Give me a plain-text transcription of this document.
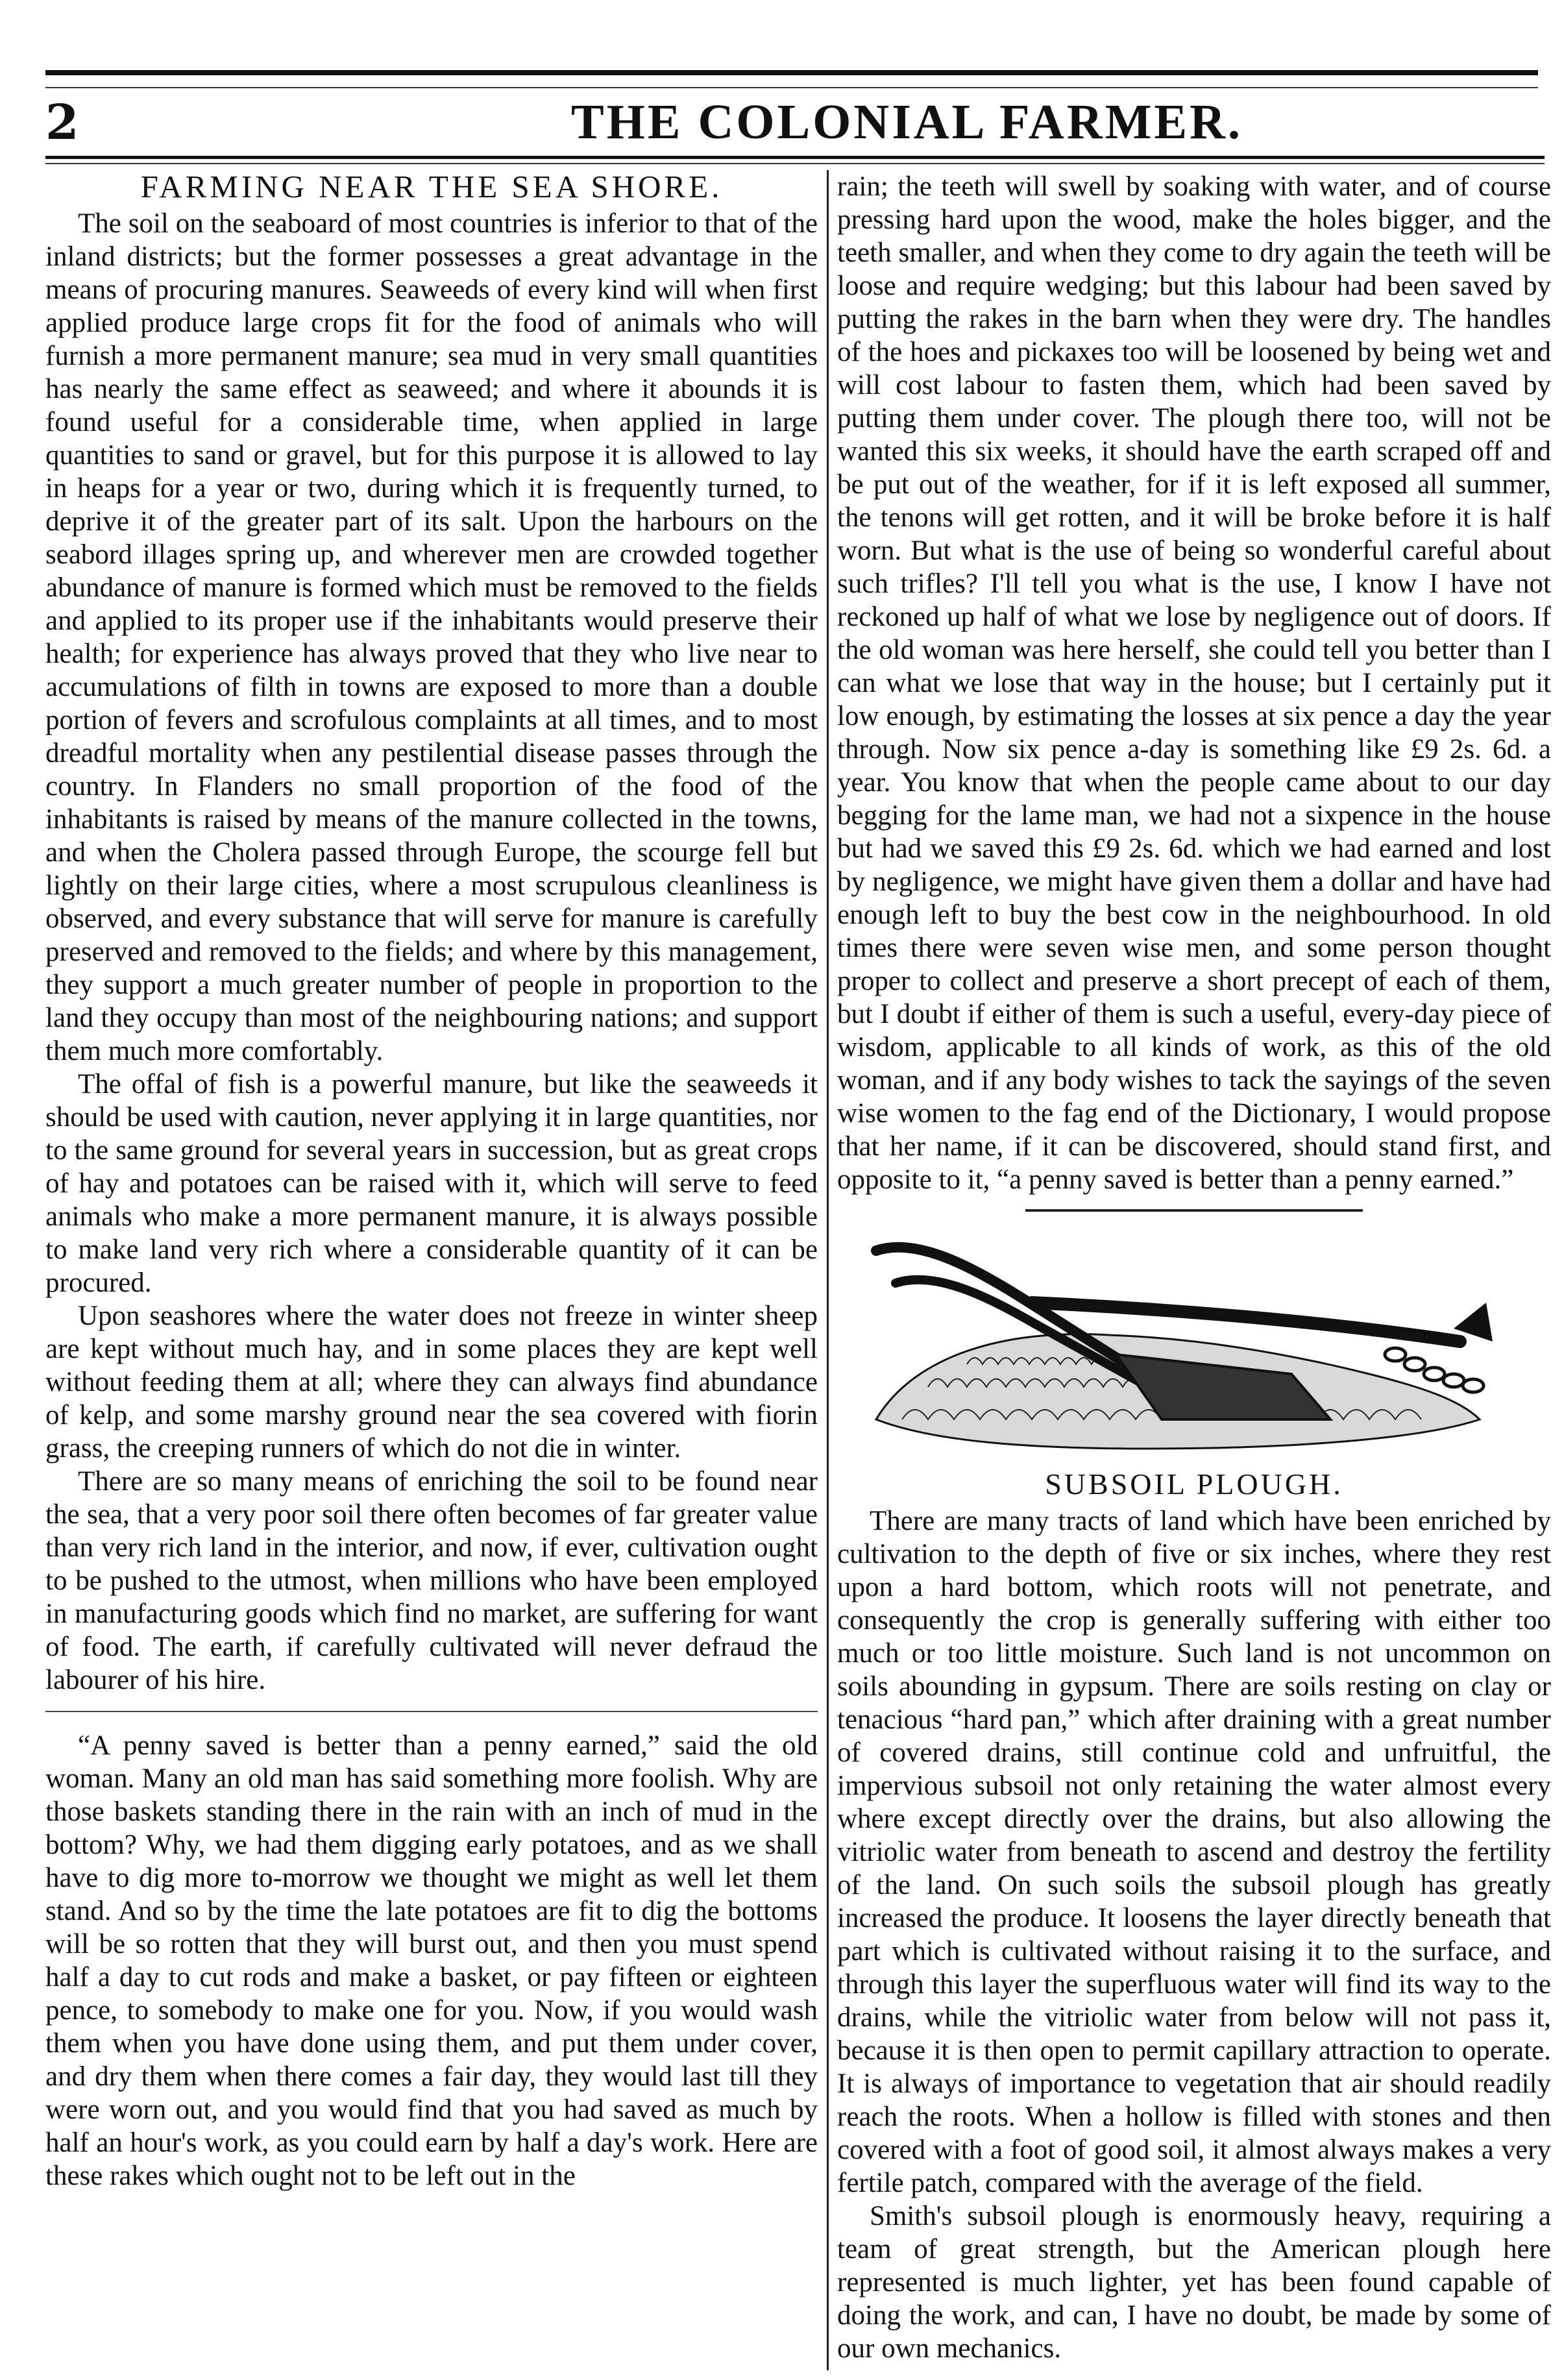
2	THE COLONIAL FARMER.
FARMING NEAR THE SEA SHORE.

The soil on the seaboard of most countries is inferior to that of the inland districts; but the former possesses a great advantage in the means of procuring manures. Seaweeds of every kind will when first applied produce large crops fit for the food of animals who will furnish a more permanent manure; sea mud in very small quantities has nearly the same effect as seaweed; and where it abounds it is found useful for a considerable time, when applied in large quantities to sand or gravel, but for this purpose it is allowed to lay in heaps for a year or two, during which it is frequently turned, to deprive it of the greater part of its salt. Upon the harbours on the seabord illages spring up, and wherever men are crowded together abundance of manure is formed which must be removed to the fields and applied to its proper use if the inhabitants would preserve their health; for experience has always proved that they who live near to accumulations of filth in towns are exposed to more than a double portion of fevers and scrofulous complaints at all times, and to most dreadful mortality when any pestilential disease passes through the country. In Flanders no small proportion of the food of the inhabitants is raised by means of the manure collected in the towns, and when the Cholera passed through Europe, the scourge fell but lightly on their large cities, where a most scrupulous cleanliness is observed, and every substance that will serve for manure is carefully preserved and removed to the fields; and where by this management, they support a much greater number of people in proportion to the land they occupy than most of the neighbouring nations; and support them much more comfortably.

The offal of fish is a powerful manure, but like the seaweeds it should be used with caution, never applying it in large quantities, nor to the same ground for several years in succession, but as great crops of hay and potatoes can be raised with it, which will serve to feed animals who make a more permanent manure, it is always possible to make land very rich where a considerable quantity of it can be procured.

Upon seashores where the water does not freeze in winter sheep are kept without much hay, and in some places they are kept well without feeding them at all; where they can always find abundance of kelp, and some marshy ground near the sea covered with fiorin grass, the creeping runners of which do not die in winter.

There are so many means of enriching the soil to be found near the sea, that a very poor soil there often becomes of far greater value than very rich land in the interior, and now, if ever, cultivation ought to be pushed to the utmost, when millions who have been employed in manufacturing goods which find no market, are suffering for want of food. The earth, if carefully cultivated will never defraud the labourer of his hire.

“A penny saved is better than a penny earned,” said the old woman. Many an old man has said something more foolish. Why are those baskets standing there in the rain with an inch of mud in the bottom? Why, we had them digging early potatoes, and as we shall have to dig more to-morrow we thought we might as well let them stand. And so by the time the late potatoes are fit to dig the bottoms will be so rotten that they will burst out, and then you must spend half a day to cut rods and make a basket, or pay fifteen or eighteen pence, to somebody to make one for you. Now, if you would wash them when you have done using them, and put them under cover, and dry them when there comes a fair day, they would last till they were worn out, and you would find that you had saved as much by half an hour's work, as you could earn by half a day's work. Here are these rakes which ought not to be left out in the

rain; the teeth will swell by soaking with water, and of course pressing hard upon the wood, make the holes bigger, and the teeth smaller, and when they come to dry again the teeth will be loose and require wedging; but this labour had been saved by putting the rakes in the barn when they were dry. The handles of the hoes and pickaxes too will be loosened by being wet and will cost labour to fasten them, which had been saved by putting them under cover. The plough there too, will not be wanted this six weeks, it should have the earth scraped off and be put out of the weather, for if it is left exposed all summer, the tenons will get rotten, and it will be broke before it is half worn. But what is the use of being so wonderful careful about such trifles? I'll tell you what is the use, I know I have not reckoned up half of what we lose by negligence out of doors. If the old woman was here herself, she could tell you better than I can what we lose that way in the house; but I certainly put it low enough, by estimating the losses at six pence a day the year through. Now six pence a-day is something like £9 2s. 6d. a year. You know that when the people came about to our day begging for the lame man, we had not a sixpence in the house but had we saved this £9 2s. 6d. which we had earned and lost by negligence, we might have given them a dollar and have had enough left to buy the best cow in the neighbourhood. In old times there were seven wise men, and some person thought proper to collect and preserve a short precept of each of them, but I doubt if either of them is such a useful, every-day piece of wisdom, applicable to all kinds of work, as this of the old woman, and if any body wishes to tack the sayings of the seven wise women to the fag end of the Dictionary, I would propose that her name, if it can be discovered, should stand first, and opposite to it, “a penny saved is better than a penny earned.”

SUBSOIL PLOUGH.

There are many tracts of land which have been enriched by cultivation to the depth of five or six inches, where they rest upon a hard bottom, which roots will not penetrate, and consequently the crop is generally suffering with either too much or too little moisture. Such land is not uncommon on soils abounding in gypsum. There are soils resting on clay or tenacious “hard pan,” which after draining with a great number of covered drains, still continue cold and unfruitful, the impervious subsoil not only retaining the water almost every where except directly over the drains, but also allowing the vitriolic water from beneath to ascend and destroy the fertility of the land. On such soils the subsoil plough has greatly increased the produce. It loosens the layer directly beneath that part which is cultivated without raising it to the surface, and through this layer the superfluous water will find its way to the drains, while the vitriolic water from below will not pass it, because it is then open to permit capillary attraction to operate. It is always of importance to vegetation that air should readily reach the roots. When a hollow is filled with stones and then covered with a foot of good soil, it almost always makes a very fertile patch, compared with the average of the field.

Smith's subsoil plough is enormously heavy, requiring a team of great strength, but the American plough here represented is much lighter, yet has been found capable of doing the work, and can, I have no doubt, be made by some of our own mechanics.
